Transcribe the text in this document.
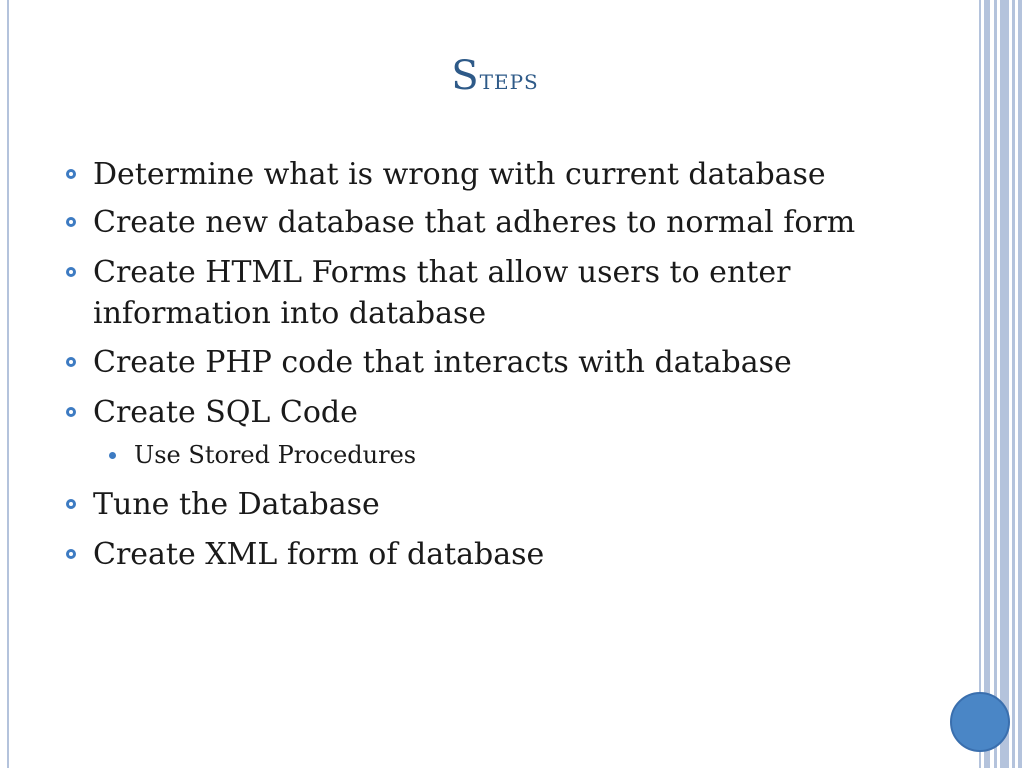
Steps
Determine what is wrong with current database
Create new database that adheres to normal form
Create HTML Forms that allow users to enter
information into database
Create PHP code that interacts with database
Create SQL Code
Use Stored Procedures
Tune the Database
Create XML form of database
